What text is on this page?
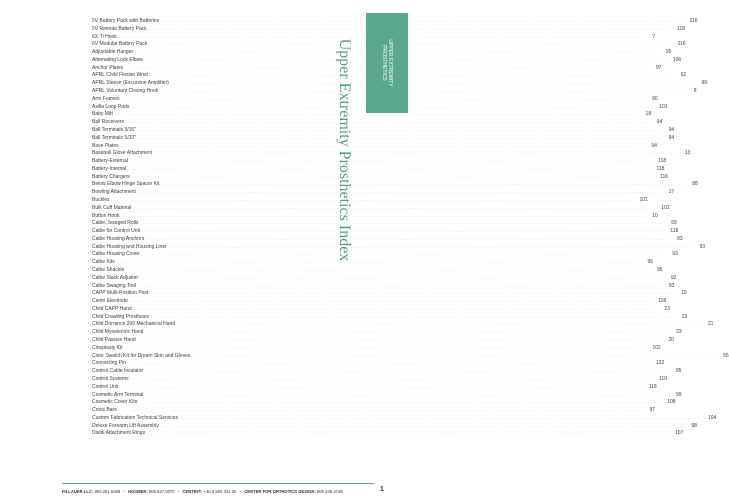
UPPER EXTREMITY
PROSTHETICS
Upper Extremity Prosthetics Index
5V Battery Pack with Batteries ........................................................................................................................................................................................................	116
5V Remote Battery Pack ........................................................................................................................................................................................................	118
6X-Ti Hook ........................................................................................................................................................................................................	7
6V Modular Battery Pack ........................................................................................................................................................................................................	116
Adjustable Hanger ........................................................................................................................................................................................................	95
Alternating Lock Elbow ........................................................................................................................................................................................................	106
Anchor Plates ........................................................................................................................................................................................................	97
APRL Child Flexion Wrist ........................................................................................................................................................................................................	62
APRL Sleeve (Excursion Amplifier) ........................................................................................................................................................................................................	99
APRL Voluntary Closing Hook ........................................................................................................................................................................................................	8
Arm Frames ........................................................................................................................................................................................................	66
Axilla Loop Pads ........................................................................................................................................................................................................	101
Baby Mitt ........................................................................................................................................................................................................	18
Ball Receivers ........................................................................................................................................................................................................	94
Ball Terminals 3/16" ........................................................................................................................................................................................................	94
Ball Terminals 5/32" ........................................................................................................................................................................................................	94
Base Plates ........................................................................................................................................................................................................	94
Baseball Glove Attachment ........................................................................................................................................................................................................	13
Battery-External ........................................................................................................................................................................................................	118
Battery-Internal ........................................................................................................................................................................................................	118
Battery Chargers ........................................................................................................................................................................................................	116
Below Elbow Hinge Spacer Kit ........................................................................................................................................................................................................	88
Bowling Attachment ........................................................................................................................................................................................................	17
Buckles ........................................................................................................................................................................................................	101
Bulk Cuff Material ........................................................................................................................................................................................................	102
Button Hook ........................................................................................................................................................................................................	10
Cable, Swaged Rolls ........................................................................................................................................................................................................	93
Cable for Control Unit ........................................................................................................................................................................................................	118
Cable Housing Anchors ........................................................................................................................................................................................................	93
Cable Housing and Housing Liner ........................................................................................................................................................................................................	93
Cable Housing Cover ........................................................................................................................................................................................................	93
Cable Kits ........................................................................................................................................................................................................	95
Cable Shackle ........................................................................................................................................................................................................	95
Cable Slack Adjuster ........................................................................................................................................................................................................	92
Cable Swaging Tool ........................................................................................................................................................................................................	93
CAPP Multi-Position Post ........................................................................................................................................................................................................	10
Centri Electrode ........................................................................................................................................................................................................	118
Child CAPP Hand ........................................................................................................................................................................................................	23
Child Crawling Prosthesis ........................................................................................................................................................................................................	19
Child Dorrance 200 Mechanical Hand ........................................................................................................................................................................................................	21
Child Myoelectric Hand ........................................................................................................................................................................................................	23
Child Passive Hand ........................................................................................................................................................................................................	20
Cineplasty Kit ........................................................................................................................................................................................................	102
Color Swatch Kit for Dream Skin and Gloves ........................................................................................................................................................................................................	55
Connecting Pin ........................................................................................................................................................................................................	122
Control Cable Insulator ........................................................................................................................................................................................................	95
Control Systems ........................................................................................................................................................................................................	110
Control Unit ........................................................................................................................................................................................................	118
Cosmetic Arm Terminal ........................................................................................................................................................................................................	99
Cosmetic Cover Kits ........................................................................................................................................................................................................	108
Cross Bars ........................................................................................................................................................................................................	97
Custom Fabrication Technical Services ........................................................................................................................................................................................................	104
Deluxe Forearm Lift Assembly ........................................................................................................................................................................................................	98
Distal Attachment Rings ........................................................................................................................................................................................................	107
FILLAUER LLC: 800.251.6398 • HOSMER: 800.827.0070 • CENTRI®: +46 8 505 332 00 • CENTER FOR ORTHOTICS DESIGN: 800.346.4746	1
